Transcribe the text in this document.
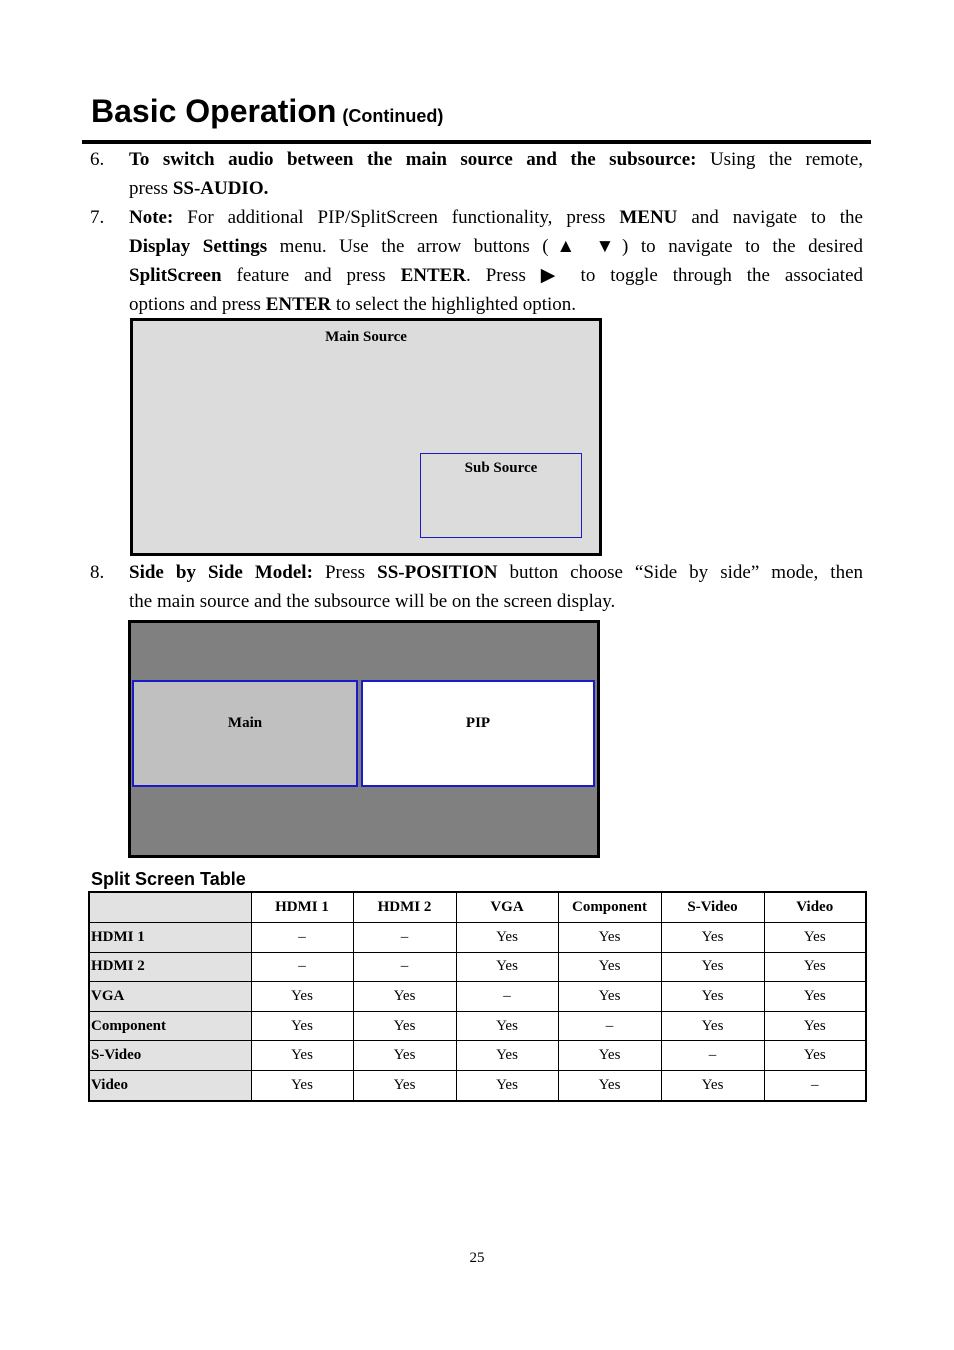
Basic Operation (Continued)
6.	To switch audio between the main source and the subsource: Using the remote,
press SS-AUDIO.
7.	Note: For additional PIP/SplitScreen functionality, press MENU and navigate to the
Display Settings menu. Use the arrow buttons (▲ ▼) to navigate to the desired
SplitScreen feature and press ENTER. Press ▶ to toggle through the associated
options and press ENTER to select the highlighted option.
Main Source
Sub Source
8.	Side by Side Model: Press SS-POSITION button choose “Side by side” mode, then
the main source and the subsource will be on the screen display.
Main	PIP
Split Screen Table
	HDMI 1	HDMI 2	VGA	Component	S-Video	Video
HDMI 1	–	–	Yes	Yes	Yes	Yes
HDMI 2	–	–	Yes	Yes	Yes	Yes
VGA	Yes	Yes	–	Yes	Yes	Yes
Component	Yes	Yes	Yes	–	Yes	Yes
S-Video	Yes	Yes	Yes	Yes	–	Yes
Video	Yes	Yes	Yes	Yes	Yes	–
25
